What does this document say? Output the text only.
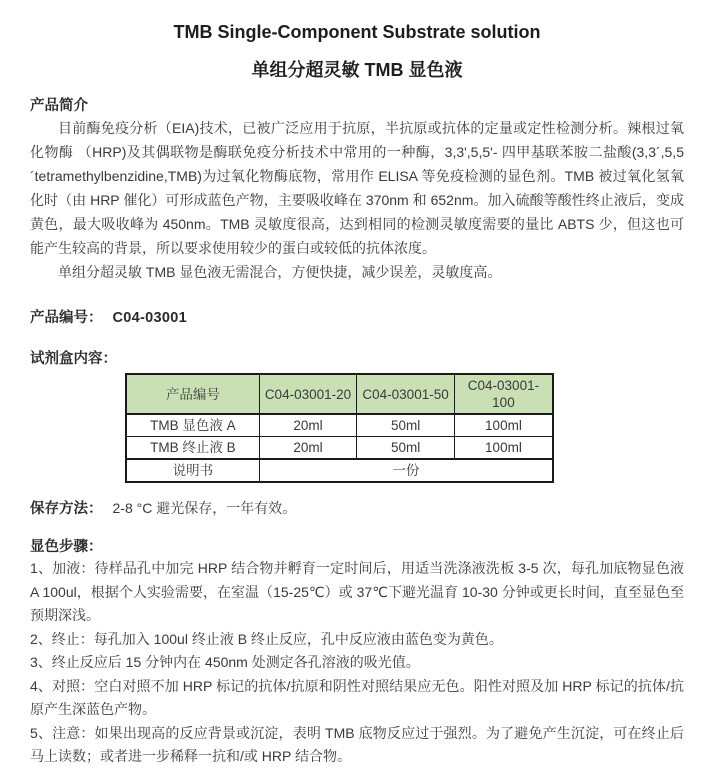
TMB Single-Component Substrate solution
单组分超灵敏 TMB 显色液
产品简介

目前酶免疫分析（EIA)技术，已被广泛应用于抗原，半抗原或抗体的定量或定性检测分析。辣根过氧化物酶 （HRP)及其偶联物是酶联免疫分析技术中常用的一种酶，3,3',5,5'- 四甲基联苯胺二盐酸(3,3´,5,5´tetramethylbenzidine,TMB)为过氧化物酶底物，常用作 ELISA 等免疫检测的显色剂。TMB 被过氧化氢氧化时（由 HRP 催化）可形成蓝色产物，主要吸收峰在 370nm 和 652nm。加入硫酸等酸性终止液后，变成黄色，最大吸收峰为 450nm。TMB 灵敏度很高，达到相同的检测灵敏度需要的量比 ABTS 少，但这也可能产生较高的背景，所以要求使用较少的蛋白或较低的抗体浓度。

单组分超灵敏 TMB 显色液无需混合，方便快捷，减少误差，灵敏度高。

产品编号： C04-03001
试剂盒内容：
产品编号	C04-03001-20	C04-03001-50	C04-03001-100
TMB 显色液 A	20ml	50ml	100ml
TMB 终止液 B	20ml	50ml	100ml
说明书	一份		
保存方法： 2-8 °C 避光保存，一年有效。
显色步骤：

1、加液：待样品孔中加完 HRP 结合物并孵育一定时间后，用适当洗涤液洗板 3-5 次，每孔加底物显色液 A 100ul，根据个人实验需要，在室温（15-25℃）或 37℃下避光温育 10-30 分钟或更长时间，直至显色至预期深浅。

2、终止：每孔加入 100ul 终止液 B 终止反应，孔中反应液由蓝色变为黄色。

3、终止反应后 15 分钟内在 450nm 处测定各孔溶液的吸光值。

4、对照：空白对照不加 HRP 标记的抗体/抗原和阴性对照结果应无色。阳性对照及加 HRP 标记的抗体/抗原产生深蓝色产物。

5、注意：如果出现高的反应背景或沉淀，表明 TMB 底物反应过于强烈。为了避免产生沉淀，可在终止后马上读数；或者进一步稀释一抗和/或 HRP 结合物。
